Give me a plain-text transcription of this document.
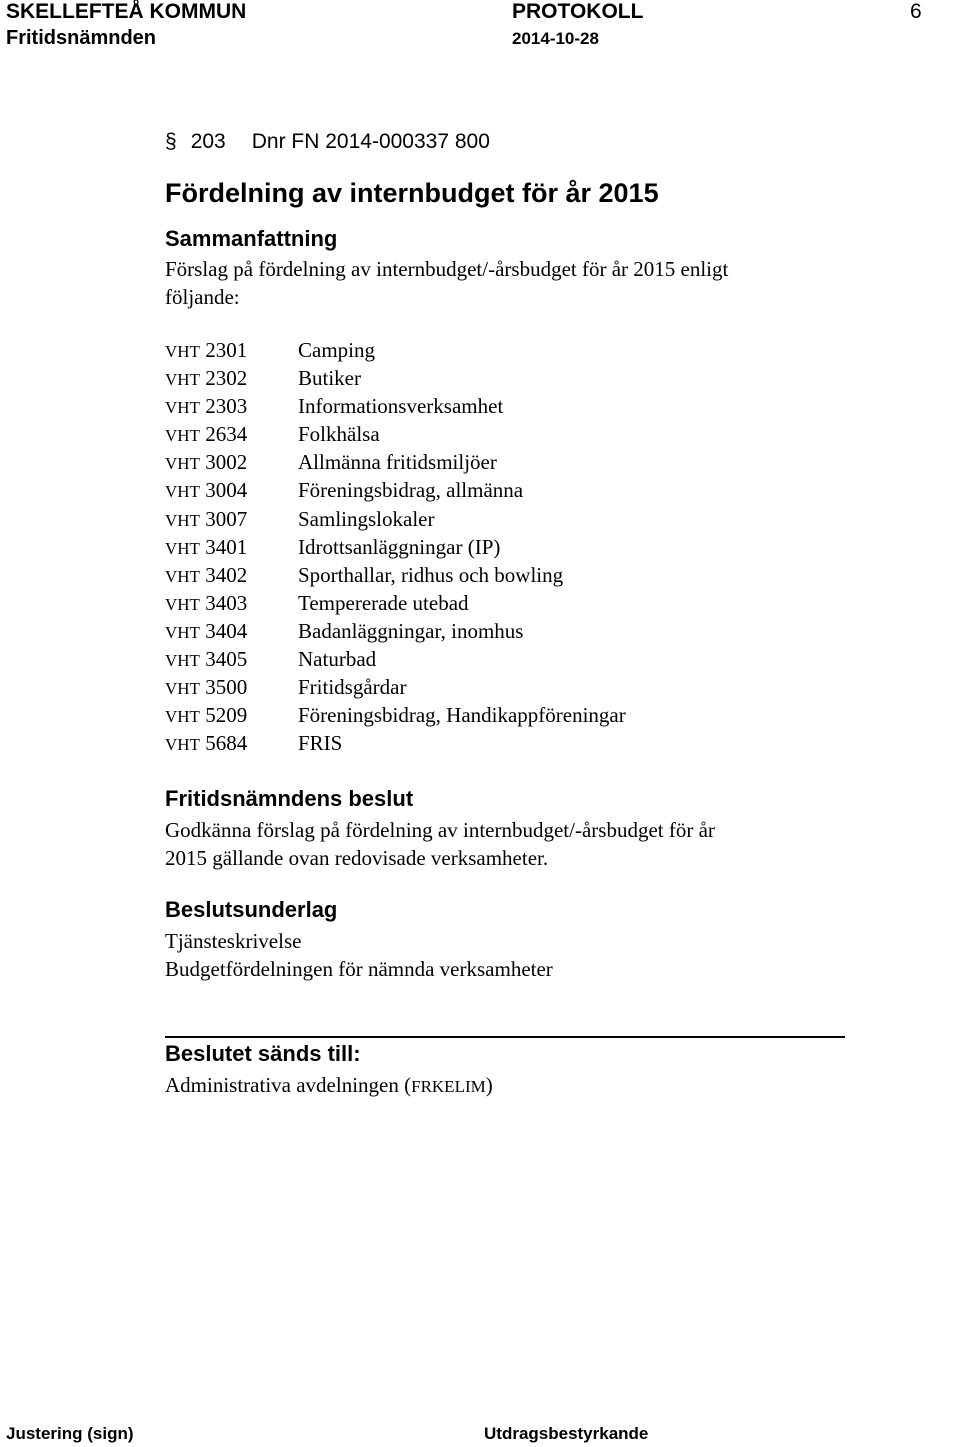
SKELLEFTEÅ KOMMUN
Fritidsnämnden
PROTOKOLL
2014-10-28
6
§ 203 Dnr FN 2014-000337 800
Fördelning av internbudget för år 2015
Sammanfattning
Förslag på fördelning av internbudget/-årsbudget för år 2015 enligt
följande:
VHT 2301 Camping
VHT 2302 Butiker
VHT 2303 Informationsverksamhet
VHT 2634 Folkhälsa
VHT 3002 Allmänna fritidsmiljöer
VHT 3004 Föreningsbidrag, allmänna
VHT 3007 Samlingslokaler
VHT 3401 Idrottsanläggningar (IP)
VHT 3402 Sporthallar, ridhus och bowling
VHT 3403 Tempererade utebad
VHT 3404 Badanläggningar, inomhus
VHT 3405 Naturbad
VHT 3500 Fritidsgårdar
VHT 5209 Föreningsbidrag, Handikappföreningar
VHT 5684 FRIS
Fritidsnämndens beslut
Godkänna förslag på fördelning av internbudget/-årsbudget för år
2015 gällande ovan redovisade verksamheter.
Beslutsunderlag
Tjänsteskrivelse
Budgetfördelningen för nämnda verksamheter
Beslutet sänds till:
Administrativa avdelningen (FRKELIM)
Justering (sign)	Utdragsbestyrkande
